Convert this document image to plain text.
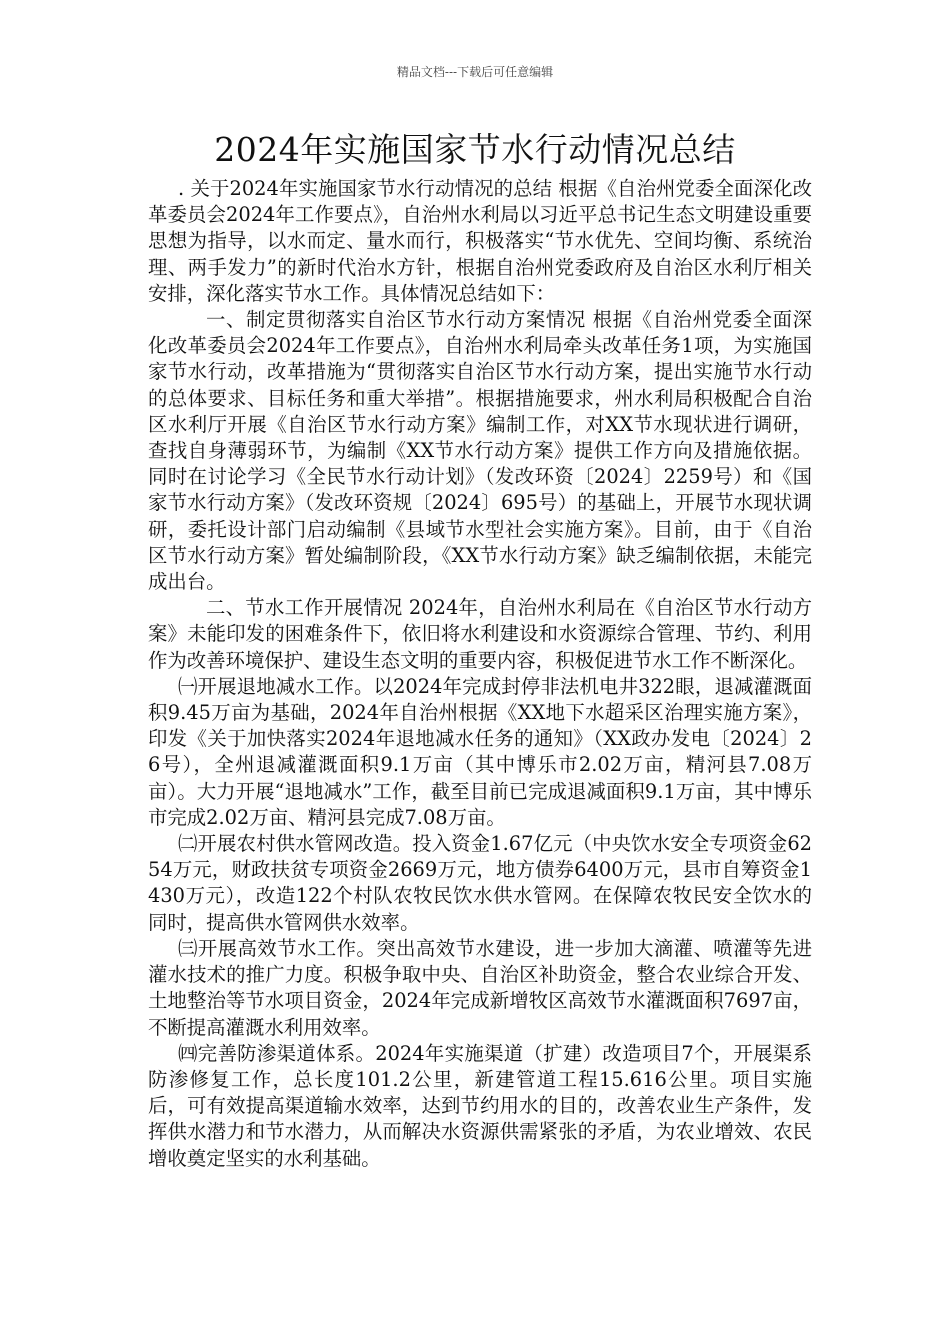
精品文档---下载后可任意编辑
2024年实施国家节水行动情况总结

. 关于2024年实施国家节水行动情况的总结 根据《自治州党委全面深化改革委员会2024年工作要点》，自治州水利局以习近平总书记生态文明建设重要思想为指导，以水而定、量水而行，积极落实“节水优先、空间均衡、系统治理、两手发力”的新时代治水方针，根据自治州党委政府及自治区水利厅相关安排，深化落实节水工作。具体情况总结如下：

一、制定贯彻落实自治区节水行动方案情况 根据《自治州党委全面深化改革委员会2024年工作要点》，自治州水利局牵头改革任务1项，为实施国家节水行动，改革措施为“贯彻落实自治区节水行动方案，提出实施节水行动的总体要求、目标任务和重大举措”。根据措施要求，州水利局积极配合自治区水利厅开展《自治区节水行动方案》编制工作，对XX节水现状进行调研，查找自身薄弱环节，为编制《XX节水行动方案》提供工作方向及措施依据。同时在讨论学习《全民节水行动计划》（发改环资〔2024〕2259号）和《国家节水行动方案》（发改环资规〔2024〕695号）的基础上，开展节水现状调研，委托设计部门启动编制《县域节水型社会实施方案》。目前，由于《自治区节水行动方案》暂处编制阶段，《XX节水行动方案》缺乏编制依据，未能完成出台。

二、节水工作开展情况 2024年，自治州水利局在《自治区节水行动方案》未能印发的困难条件下，依旧将水利建设和水资源综合管理、节约、利用作为改善环境保护、建设生态文明的重要内容，积极促进节水工作不断深化。

㈠开展退地减水工作。以2024年完成封停非法机电井322眼，退减灌溉面积9.45万亩为基础，2024年自治州根据《XX地下水超采区治理实施方案》，印发《关于加快落实2024年退地减水任务的通知》（XX政办发电〔2024〕26号），全州退减灌溉面积9.1万亩（其中博乐市2.02万亩，精河县7.08万亩）。大力开展“退地减水”工作，截至目前已完成退减面积9.1万亩，其中博乐市完成2.02万亩、精河县完成7.08万亩。

㈡开展农村供水管网改造。投入资金1.67亿元（中央饮水安全专项资金6254万元，财政扶贫专项资金2669万元，地方债券6400万元，县市自筹资金1430万元），改造122个村队农牧民饮水供水管网。在保障农牧民安全饮水的同时，提高供水管网供水效率。

㈢开展高效节水工作。突出高效节水建设，进一步加大滴灌、喷灌等先进灌水技术的推广力度。积极争取中央、自治区补助资金，整合农业综合开发、土地整治等节水项目资金，2024年完成新增牧区高效节水灌溉面积7697亩，不断提高灌溉水利用效率。

㈣完善防渗渠道体系。2024年实施渠道（扩建）改造项目7个，开展渠系防渗修复工作，总长度101.2公里，新建管道工程15.616公里。项目实施后，可有效提高渠道输水效率，达到节约用水的目的，改善农业生产条件，发挥供水潜力和节水潜力，从而解决水资源供需紧张的矛盾，为农业增效、农民增收奠定坚实的水利基础。
